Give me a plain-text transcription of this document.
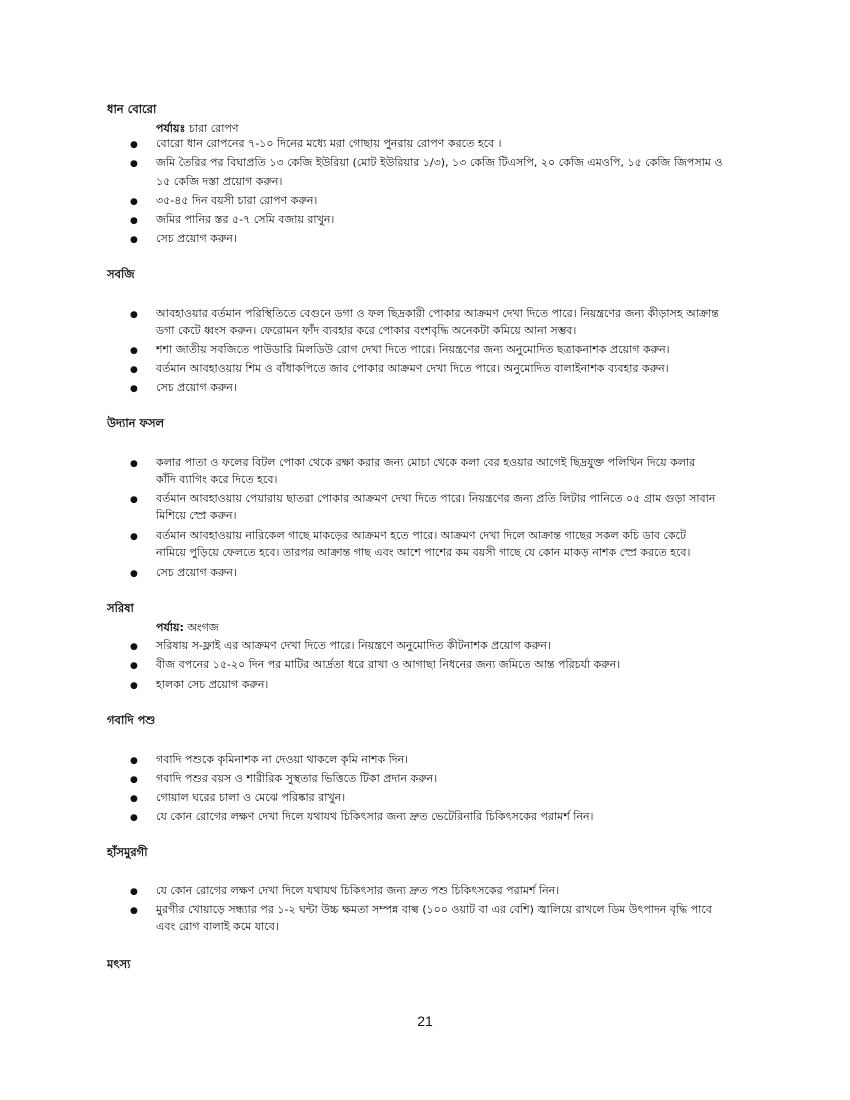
ধান বোরো
পর্যায়ঃ চারা রোপণ
● বোরো ধান রোপনের ৭-১০ দিনের মধ্যে মরা গোছায় পুনরায় রোপণ করতে হবে ।
● জমি তৈরির পর বিঘাপ্রতি ১৩ কেজি ইউরিয়া (মোট ইউরিয়ার ১/৩), ১৩ কেজি টিএসপি, ২০ কেজি এমওপি, ১৫ কেজি জিপসাম ও
১৫ কেজি দস্তা প্রয়োগ করুন।
● ৩৫-৪৫ দিন বয়সী চারা রোপণ করুন।
● জমির পানির স্তর ৫-৭ সেমি বজায় রাখুন।
● সেচ প্রয়োগ করুন।
সবজি
● আবহাওয়ার বর্তমান পরিস্থিতিতে বেগুনে ডগা ও ফল ছিদ্রকারী পোকার আক্রমণ দেখা দিতে পারে। নিয়ন্ত্রণের জন্য কীড়াসহ আক্রান্ত
ডগা কেটে ধ্বংস করুন। ফেরোমন ফাঁদ ব্যবহার করে পোকার বংশবৃদ্ধি অনেকটা কমিয়ে আনা সম্ভব।
● শশা জাতীয় সবজিতে পাউডারি মিলডিউ রোগ দেখা দিতে পারে। নিয়ন্ত্রণের জন্য অনুমোদিত ছত্রাকনাশক প্রয়োগ করুন।
● বর্তমান আবহাওয়ায় শিম ও বাঁধাকপিতে জাব পোকার আক্রমণ দেখা দিতে পারে। অনুমোদিত বালাইনাশক ব্যবহার করুন।
● সেচ প্রয়োগ করুন।
উদ্যান ফসল
● কলার পাতা ও ফলের বিটল পোকা থেকে রক্ষা করার জন্য মোচা থেকে কলা বের হওয়ার আগেই ছিদ্রযুক্ত পলিথিন দিয়ে কলার
কাঁদি ব্যাগিং করে দিতে হবে।
● বর্তমান আবহাওয়ায় পেয়ারায় ছাতরা পোকার আক্রমণ দেখা দিতে পারে। নিয়ন্ত্রণের জন্য প্রতি লিটার পানিতে ০৫ গ্রাম গুড়া সাবান
মিশিয়ে স্প্রে করুন।
● বর্তমান আবহাওয়ায় নারিকেল গাছে মাকড়ের আক্রমণ হতে পারে। আক্রমণ দেখা দিলে আক্রান্ত গাছের সকল কচি ডাব কেটে
নামিয়ে পুড়িয়ে ফেলতে হবে। তারপর আক্রান্ত গাছ এবং আশে পাশের কম বয়সী গাছে যে কোন মাকড় নাশক স্প্রে করতে হবে।
● সেচ প্রয়োগ করুন।
সরিষা
পর্যায়: অংগজ
● সরিষায় স-ফ্লাই এর আক্রমণ দেখা দিতে পারে। নিয়ন্ত্রণে অনুমোদিত কীটনাশক প্রয়োগ করুন।
● বীজ বপনের ১৫-২০ দিন পর মাটির আর্দ্রতা ধরে রাখা ও আগাছা নিধনের জন্য জমিতে আন্ত পরিচর্যা করুন।
● হালকা সেচ প্রয়োগ করুন।
গবাদি পশু
● গবাদি পশুকে কৃমিনাশক না দেওয়া থাকলে কৃমি নাশক দিন।
● গবাদি পশুর বয়স ও শারীরিক সুস্থতার ভিত্তিতে টিকা প্রদান করুন।
● গোয়াল ঘরের চালা ও মেঝে পরিষ্কার রাখুন।
● যে কোন রোগের লক্ষণ দেখা দিলে যথাযথ চিকিৎসার জন্য দ্রুত ভেটেরিনারি চিকিৎসকের পরামর্শ নিন।
হাঁসমুরগী
● যে কোন রোগের লক্ষণ দেখা দিলে যথাযথ চিকিৎসার জন্য দ্রুত পশু চিকিৎসকের পরামর্শ নিন।
● মুরগীর খোয়াড়ে সন্ধ্যার পর ১-২ ঘন্টা উচ্চ ক্ষমতা সম্পন্ন বাল্ব (১০০ ওয়াট বা এর বেশি) জ্বালিয়ে রাখলে ডিম উৎপাদন বৃদ্ধি পাবে
এবং রোগ বালাই কমে যাবে।
মৎস্য
21
